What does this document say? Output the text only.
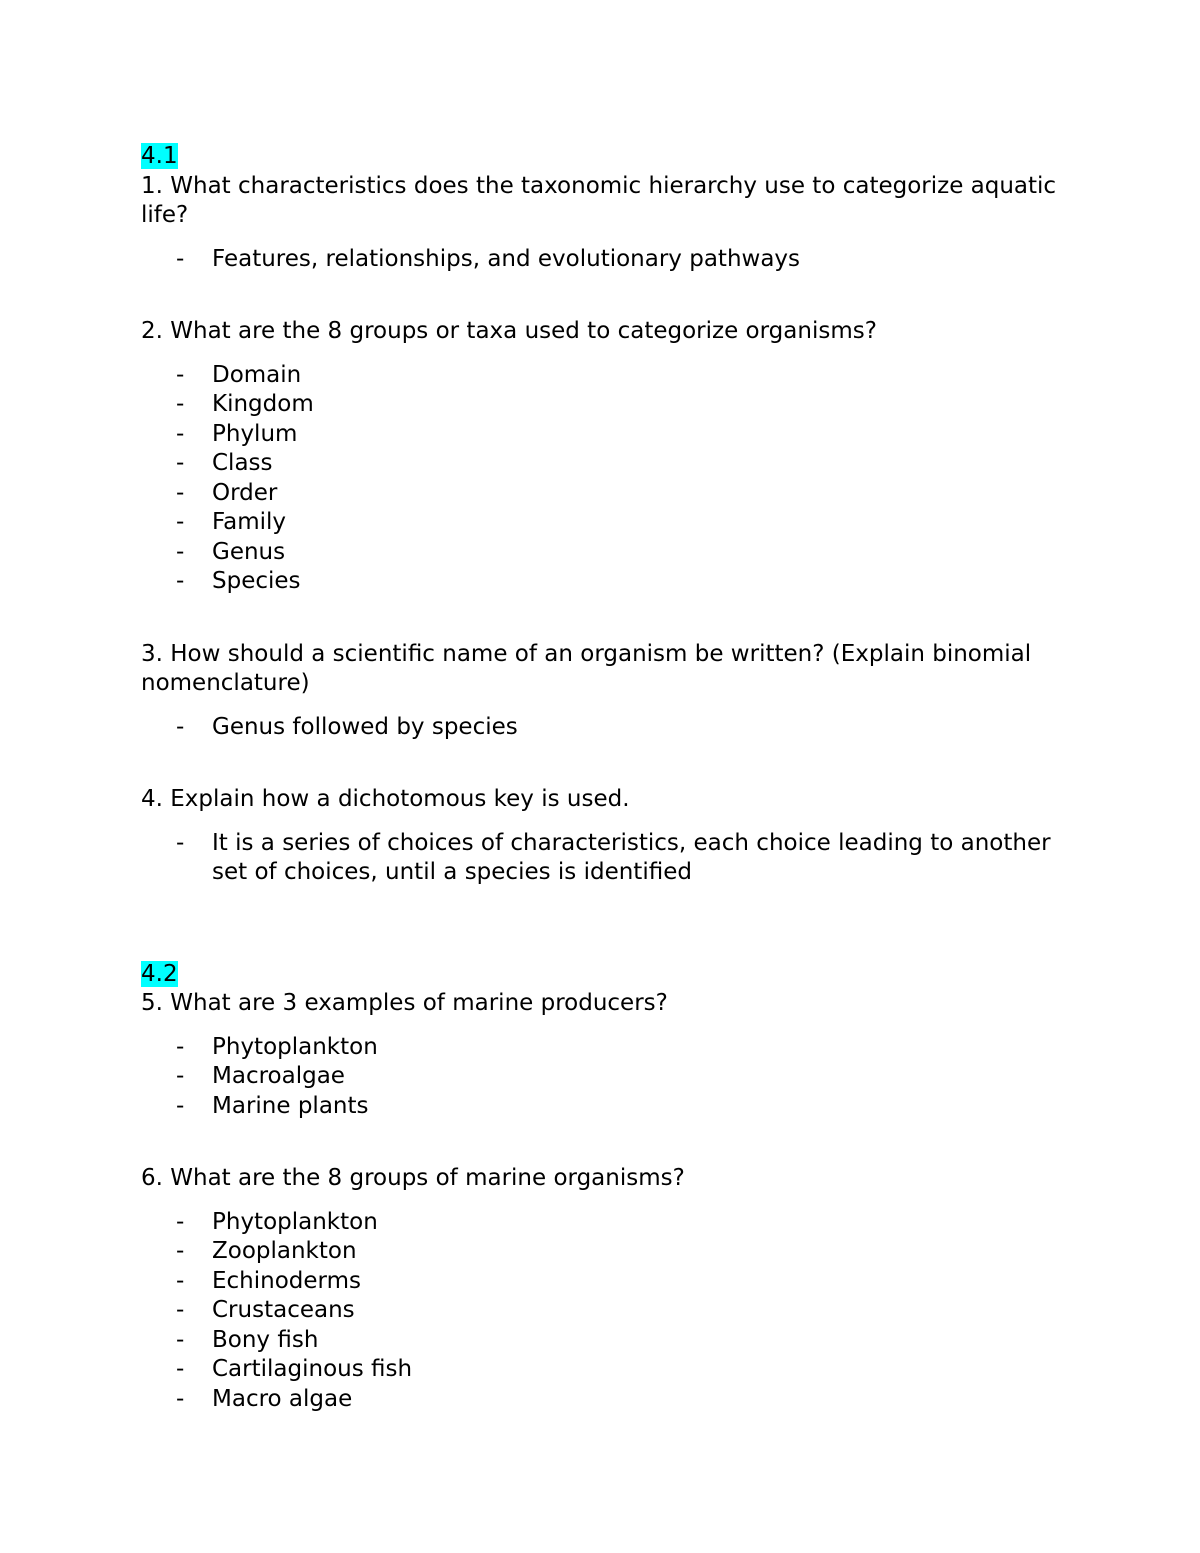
4.1

1. What characteristics does the taxonomic hierarchy use to categorize aquatic life?

- Features, relationships, and evolutionary pathways

2. What are the 8 groups or taxa used to categorize organisms?

- Domain
- Kingdom
- Phylum
- Class
- Order
- Family
- Genus
- Species

3. How should a scientific name of an organism be written? (Explain binomial nomenclature)

- Genus followed by species

4. Explain how a dichotomous key is used.

- It is a series of choices of characteristics, each choice leading to another set of choices, until a species is identified

4.2

5. What are 3 examples of marine producers?

- Phytoplankton
- Macroalgae
- Marine plants

6. What are the 8 groups of marine organisms?

- Phytoplankton
- Zooplankton
- Echinoderms
- Crustaceans
- Bony fish
- Cartilaginous fish
- Macro algae
